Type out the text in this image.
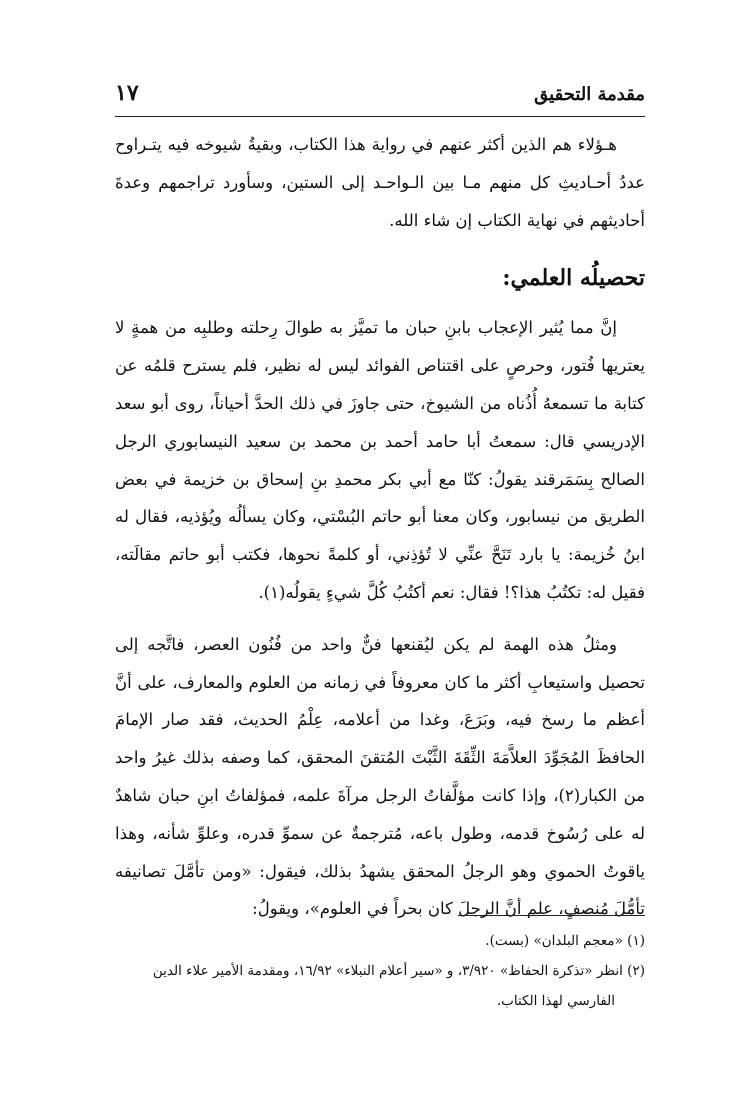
مقدمة التحقيق
١٧

هـؤلاء هم الذين أكثر عنهم في رواية هذا الكتاب، وبقيةُ شيوخه فيه يتـراوح عددُ أحـاديثِ كل منهم مـا بين الـواحـد إلى الستين، وسأورد تراجمهم وعدةَ أحاديثهم في نهاية الكتاب إن شاء الله.

تحصيلُه العلمي:

إنَّ مما يُثير الإعجاب بابنِ حبان ما تميَّز به طوالَ رِحلته وطلبِه من همةٍ لا يعتريها فُتور، وحرصٍ على اقتناص الفوائد ليس له نظير، فلم يسترح قلمُه عن كتابة ما تسمعهُ أُذُناه من الشيوخ، حتى جاوزَ في ذلك الحدَّ أحياناً، روى أبو سعد الإدريسي قال: سمعتُ أبا حامد أحمد بن محمد بن سعيد النيسابوري الرجل الصالح بِسَمَرقند يقولُ: كنّا مع أبي بكر محمدِ بنِ إسحاق بن خزيمة في بعض الطريق من نيسابور، وكان معنا أبو حاتم البُسْتي، وكان يسألُه ويُؤذيه، فقال له ابنُ خُزيمة: يا بارد تَنَحَّ عنِّي لا تُؤذِني، أو كلمةً نحوها، فكتب أبو حاتم مقالَته، فقيل له: تكتُبُ هذا؟! فقال: نعم أكتُبُ كُلَّ شيءٍ يقولُه(١).

ومثلُ هذه الهمة لم يكن ليُقنعها فنٌّ واحد من فُنُون العصر، فاتَّجه إلى تحصيل واستيعابِ أكثر ما كان معروفاً في زمانه من العلوم والمعارف، على أنَّ أعظم ما رسخ فيه، وبَرَعَ، وغدا من أعلامه، عِلْمُ الحديث، فقد صار الإمامَ الحافظَ المُجَوِّدَ العلاَّمَةَ الثِّقَةَ الثَّبْتَ المُتقنَ المحقق، كما وصفه بذلك غيرُ واحد من الكبار(٢)، وإذا كانت مؤلَّفاتُ الرجل مرآةَ علمه، فمؤلفاتُ ابنِ حبان شاهدٌ له على رُسُوخ قدمه، وطول باعه، مُترجمةٌ عن سموِّ قدره، وعلوِّ شأنه، وهذا ياقوتُ الحموي وهو الرجلُ المحقق يشهدُ بذلك، فيقول: «ومن تأمَّلَ تصانيفه تأمُّلَ مُنصفٍ، علم أنَّ الرجلَ كان بحراً في العلوم»، ويقولُ:

(١) «معجم البلدان» (بست).

(٢) انظر «تذكرة الحفاظ» ٣/٩٢٠، و «سير أعلام النبلاء» ١٦/٩٢، ومقدمة الأمير علاء الدين

الفارسي لهذا الكتاب.
